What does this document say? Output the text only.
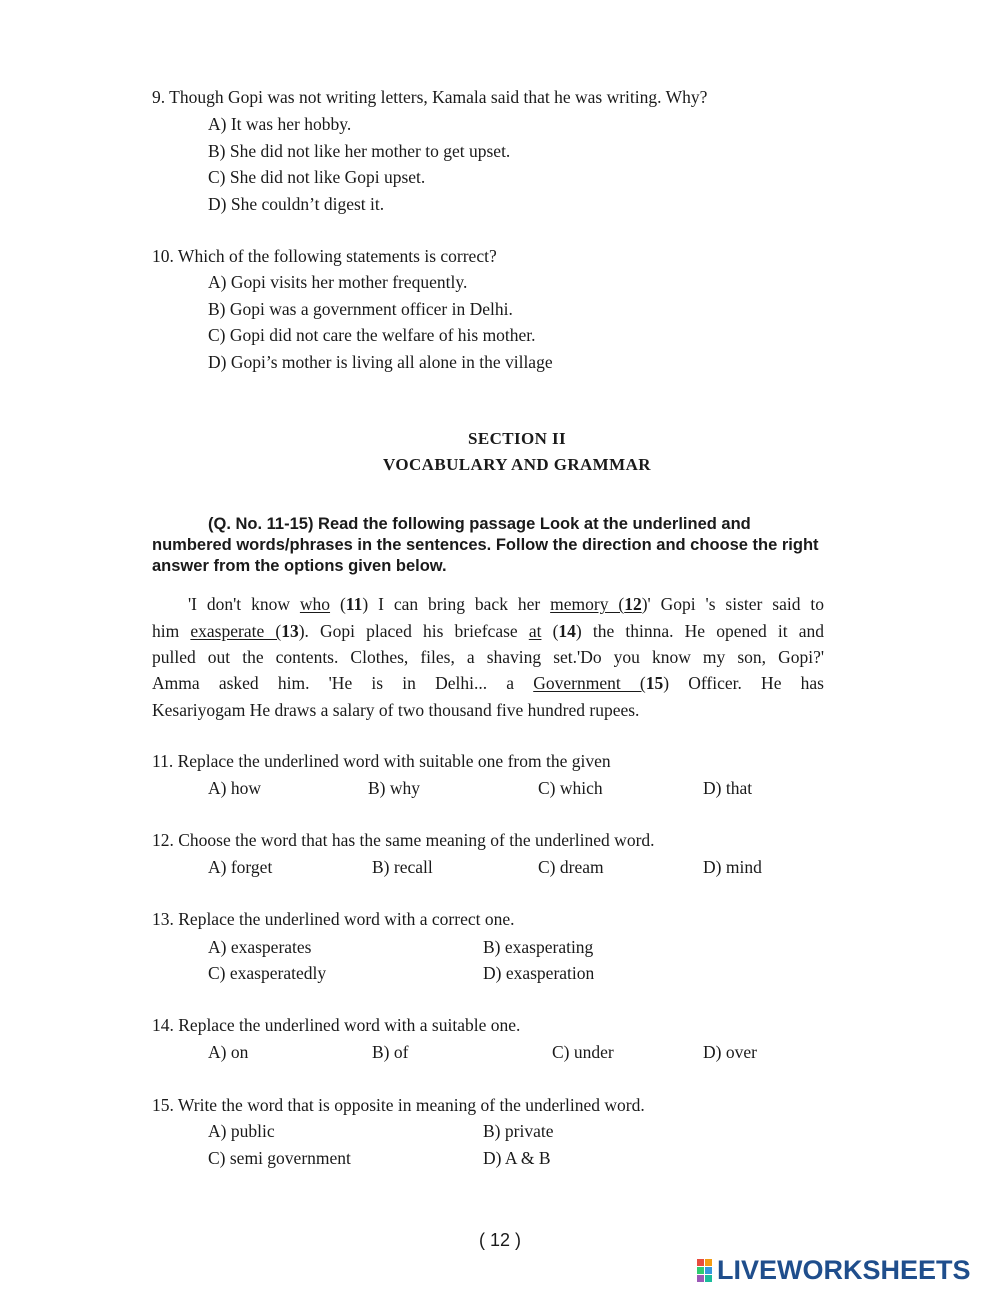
9. Though Gopi was not writing letters, Kamala said that he was writing. Why?
A) It was her hobby.
B) She did not like her mother to get upset.
C) She did not like Gopi upset.
D) She couldn’t digest it.
10. Which of the following statements is correct?
A) Gopi visits her mother frequently.
B) Gopi was a government officer in Delhi.
C) Gopi did not care the welfare of his mother.
D) Gopi’s mother is living all alone in the village
SECTION II
VOCABULARY AND GRAMMAR
(Q. No. 11-15) Read the following passage Look at the underlined and numbered words/phrases in the sentences. Follow the direction and choose the right answer from the options given below.
'I don't know who (11) I can bring back her memory (12)' Gopi 's sister said to
him exasperate (13). Gopi placed his briefcase at (14) the thinna. He opened it and
pulled out the contents. Clothes, files, a shaving set.'Do you know my son, Gopi?'
Amma asked him. 'He is in Delhi... a Government (15) Officer. He has
Kesariyogam He draws a salary of two thousand five hundred rupees.
11. Replace the underlined word with suitable one from the given
A) how	B) why	C) which	D) that
12. Choose the word that has the same meaning of the underlined word.
A) forget	B) recall	C) dream	D) mind
13. Replace the underlined word with a correct one.
A) exasperates	B) exasperating
C) exasperatedly	D) exasperation
14. Replace the underlined word with a suitable one.
A) on	B) of	C) under	D) over
15. Write the word that is opposite in meaning of the underlined word.
A) public	B) private
C) semi government	D) A & B
( 12 )
LIVEWORKSHEETS
